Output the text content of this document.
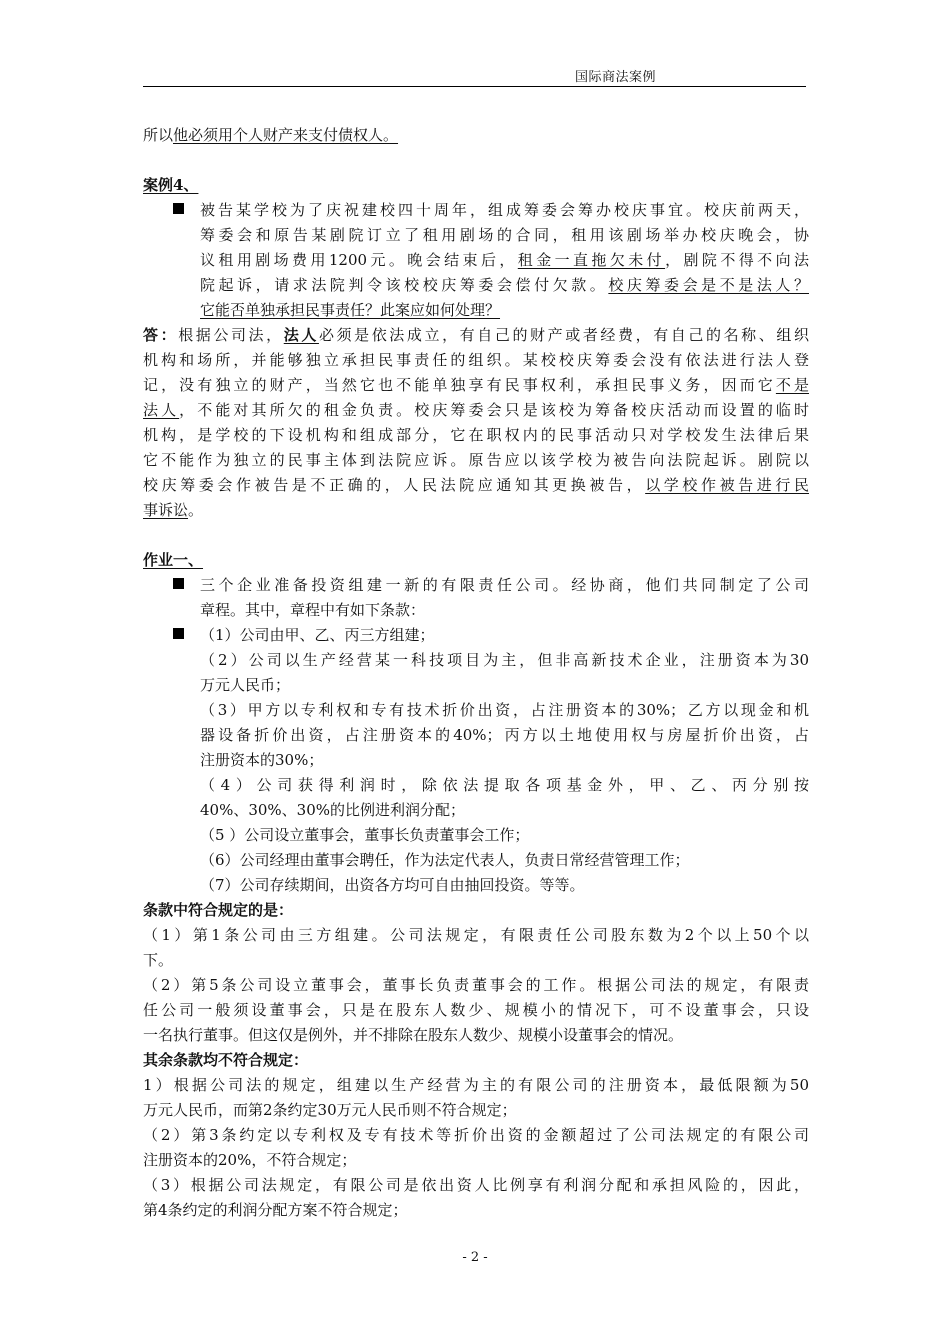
国际商法案例
所以他必须用个人财产来支付债权人。
案例4、
被告某学校为了庆祝建校四十周年，组成筹委会筹办校庆事宜。校庆前两天，
筹委会和原告某剧院订立了租用剧场的合同，租用该剧场举办校庆晚会，协
议租用剧场费用1200元。晚会结束后，租金一直拖欠未付，剧院不得不向法
院起诉，请求法院判令该校校庆筹委会偿付欠款。校庆筹委会是不是法人？
它能否单独承担民事责任？此案应如何处理？
答：根据公司法，法人必须是依法成立，有自己的财产或者经费，有自己的名称、组织
机构和场所，并能够独立承担民事责任的组织。某校校庆筹委会没有依法进行法人登
记，没有独立的财产，当然它也不能单独享有民事权利，承担民事义务，因而它不是
法人，不能对其所欠的租金负责。校庆筹委会只是该校为筹备校庆活动而设置的临时
机构，是学校的下设机构和组成部分，它在职权内的民事活动只对学校发生法律后果
它不能作为独立的民事主体到法院应诉。原告应以该学校为被告向法院起诉。剧院以
校庆筹委会作被告是不正确的，人民法院应通知其更换被告，以学校作被告进行民
事诉讼。
作业一、
三个企业准备投资组建一新的有限责任公司。经协商，他们共同制定了公司
章程。其中，章程中有如下条款：
（1）公司由甲、乙、丙三方组建；
（2）公司以生产经营某一科技项目为主，但非高新技术企业，注册资本为30
万元人民币；
（3）甲方以专利权和专有技术折价出资，占注册资本的30%；乙方以现金和机
器设备折价出资，占注册资本的40%；丙方以土地使用权与房屋折价出资，占
注册资本的30%；
（4）公司获得利润时，除依法提取各项基金外，甲、乙、丙分别按
40%、30%、30%的比例进利润分配；
（5 ）公司设立董事会，董事长负责董事会工作；
（6）公司经理由董事会聘任，作为法定代表人，负责日常经营管理工作；
（7）公司存续期间，出资各方均可自由抽回投资。等等。
条款中符合规定的是：
（1）第1条公司由三方组建。公司法规定，有限责任公司股东数为2个以上50个以
下。
（2）第5条公司设立董事会，董事长负责董事会的工作。根据公司法的规定，有限责
任公司一般须设董事会，只是在股东人数少、规模小的情况下，可不设董事会，只设
一名执行董事。但这仅是例外，并不排除在股东人数少、规模小设董事会的情况。
其余条款均不符合规定：
1）根据公司法的规定，组建以生产经营为主的有限公司的注册资本，最低限额为50
万元人民币，而第2条约定30万元人民币则不符合规定；
（2）第3条约定以专利权及专有技术等折价出资的金额超过了公司法规定的有限公司
注册资本的20%，不符合规定；
（3）根据公司法规定，有限公司是依出资人比例享有利润分配和承担风险的，因此，
第4条约定的利润分配方案不符合规定；
- 2 -
